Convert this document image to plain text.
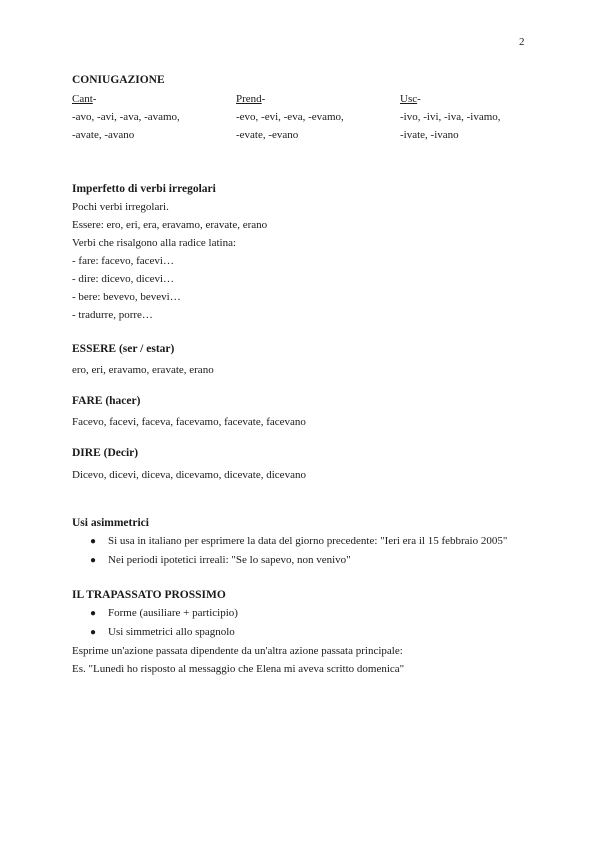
2

CONIUGAZIONE

Cant-

-avo, -avi, -ava, -avamo,

-avate, -avano

Prend-

-evo, -evi, -eva, -evamo,

-evate, -evano

Usc-

-ivo, -ivi, -iva, -ivamo,

-ivate, -ivano

Imperfetto di verbi irregolari

Pochi verbi irregolari.

Essere: ero, eri, era, eravamo, eravate, erano

Verbi che risalgono alla radice latina:

- fare: facevo, facevi…

- dire: dicevo, dicevi…

- bere: bevevo, bevevi…

- tradurre, porre…

ESSERE (ser / estar)

ero, eri, eravamo, eravate, erano

FARE (hacer)

Facevo, facevi, faceva, facevamo, facevate, facevano

DIRE (Decir)

Dicevo, dicevi, diceva, dicevamo, dicevate, dicevano

Usi asimmetrici

● Si usa in italiano per esprimere la data del giorno precedente: "Ieri era il 15 febbraio 2005"
● Nei periodi ipotetici irreali: "Se lo sapevo, non venivo"

IL TRAPASSATO PROSSIMO

● Forme (ausiliare + participio)
● Usi simmetrici allo spagnolo

Esprime un'azione passata dipendente da un'altra azione passata principale:

Es. "Lunedì ho risposto al messaggio che Elena mi aveva scritto domenica"
